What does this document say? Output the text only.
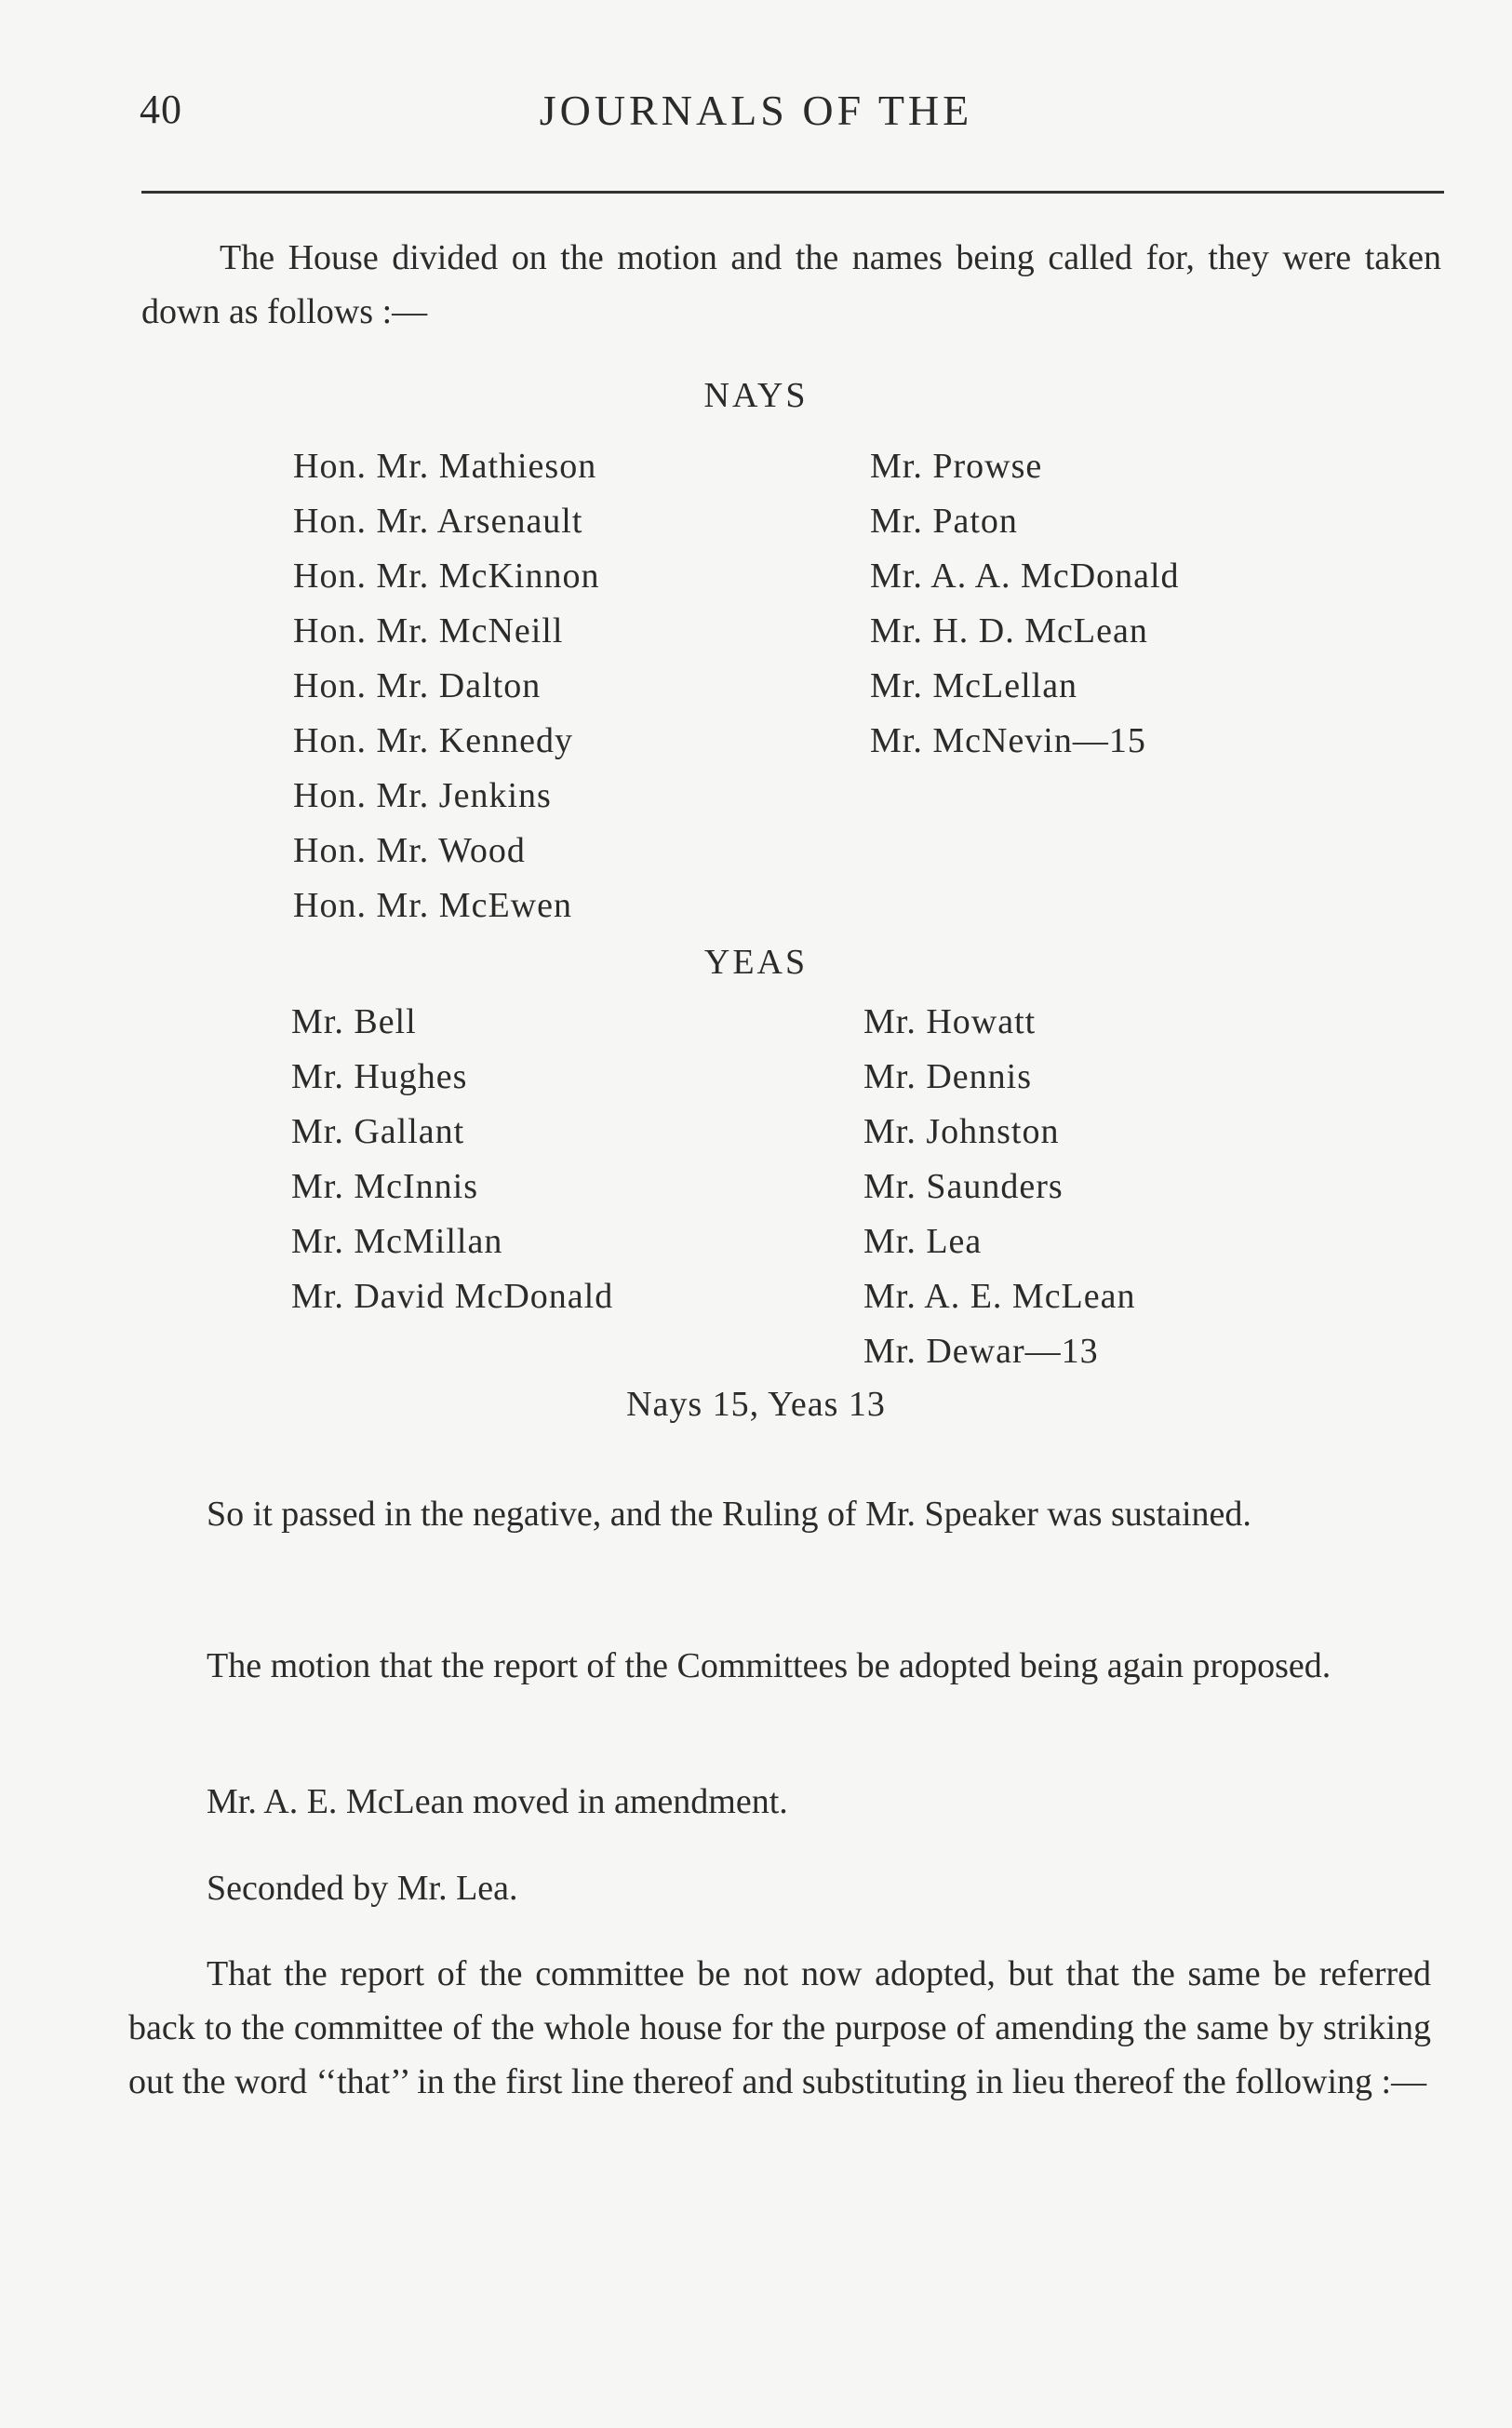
40	JOURNALS OF THE

The House divided on the motion and the names being called for, they were taken down as follows :—

NAYS
Hon. Mr. Mathieson
Hon. Mr. Arsenault
Hon. Mr. McKinnon
Hon. Mr. McNeill
Hon. Mr. Dalton
Hon. Mr. Kennedy
Hon. Mr. Jenkins
Hon. Mr. Wood
Hon. Mr. McEwen
Mr. Prowse
Mr. Paton
Mr. A. A. McDonald
Mr. H. D. McLean
Mr. McLellan
Mr. McNevin—15
YEAS
Mr. Bell
Mr. Hughes
Mr. Gallant
Mr. McInnis
Mr. McMillan
Mr. David McDonald
Mr. Howatt
Mr. Dennis
Mr. Johnston
Mr. Saunders
Mr. Lea
Mr. A. E. McLean
Mr. Dewar—13
Nays 15, Yeas 13

So it passed in the negative, and the Ruling of Mr. Speaker was sustained.

The motion that the report of the Committees be adopted being again proposed.

Mr. A. E. McLean moved in amendment.

Seconded by Mr. Lea.

That the report of the committee be not now adopted, but that the same be referred back to the committee of the whole house for the purpose of amending the same by striking out the word ‘‘that’’ in the first line thereof and substituting in lieu thereof the following :—
